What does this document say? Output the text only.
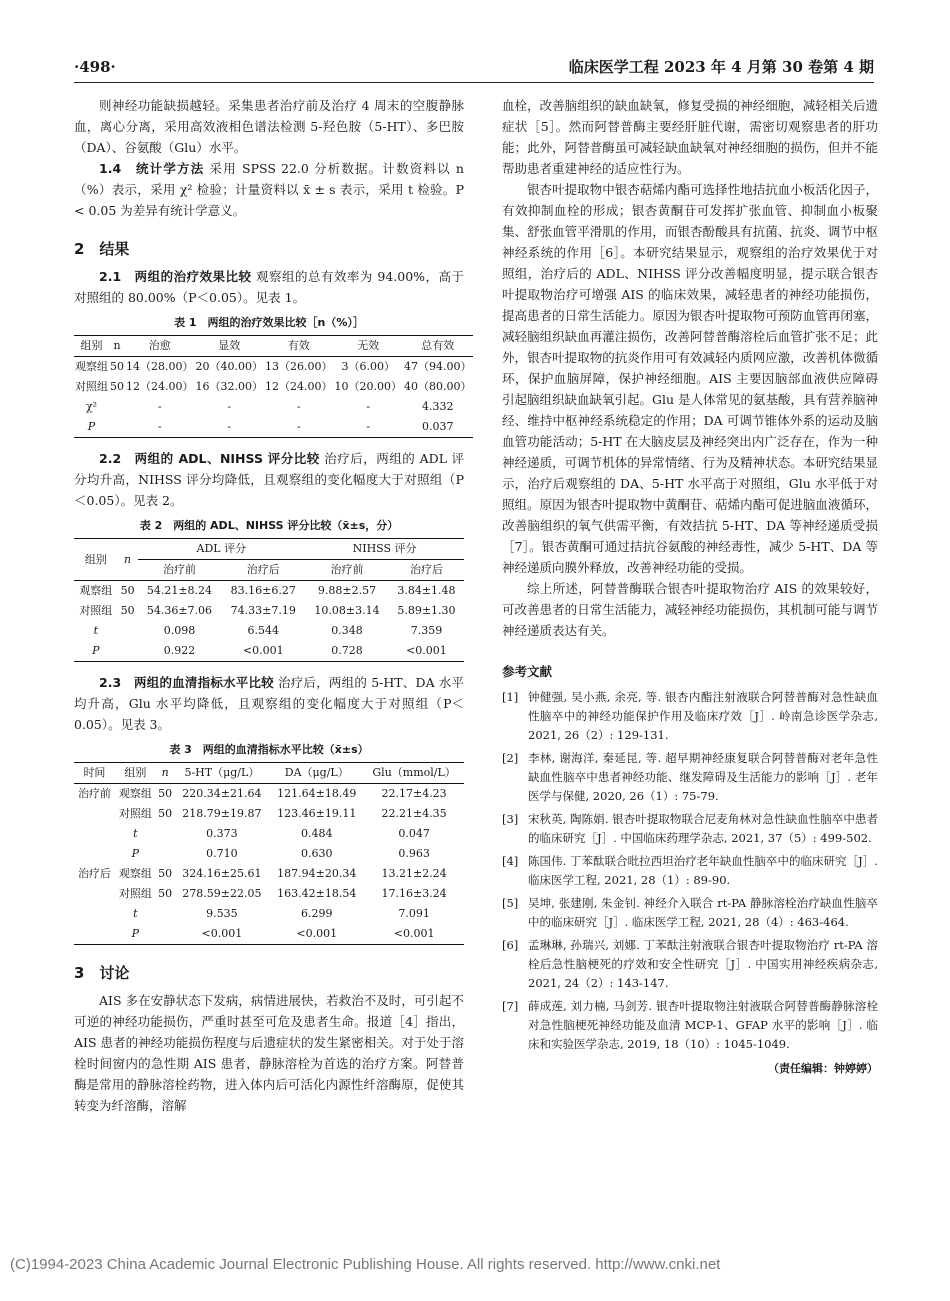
·498·	临床医学工程 2023 年 4 月第 30 卷第 4 期

则神经功能缺损越轻。采集患者治疗前及治疗 4 周末的空腹静脉血，离心分离，采用高效液相色谱法检测 5-羟色胺（5-HT）、多巴胺（DA）、谷氨酸（Glu）水平。

1.4　统计学方法 采用 SPSS 22.0 分析数据。计数资料以 n（%）表示，采用 χ² 检验；计量资料以 x̄ ± s 表示，采用 t 检验。P < 0.05 为差异有统计学意义。

2　结果

2.1　两组的治疗效果比较 观察组的总有效率为 94.00%，高于对照组的 80.00%（P＜0.05）。见表 1。

表 1　两组的治疗效果比较［n（%）］
组别	n	治愈	显效	有效	无效	总有效
观察组	50	14（28.00）	20（40.00）	13（26.00）	3（6.00）	47（94.00）
对照组	50	12（24.00）	16（32.00）	12（24.00）	10（20.00）	40（80.00）
χ²		-	-	-	-	4.332
P		-	-	-	-	0.037

2.2　两组的 ADL、NIHSS 评分比较 治疗后，两组的 ADL 评分均升高，NIHSS 评分均降低，且观察组的变化幅度大于对照组（P＜0.05）。见表 2。

表 2　两组的 ADL、NIHSS 评分比较（x̄±s，分）
组别	n	ADL 评分		NIHSS 评分	
		治疗前	治疗后	治疗前	治疗后
观察组	50	54.21±8.24	83.16±6.27	9.88±2.57	3.84±1.48
对照组	50	54.36±7.06	74.33±7.19	10.08±3.14	5.89±1.30
t		0.098	6.544	0.348	7.359
P		0.922	<0.001	0.728	<0.001

2.3　两组的血清指标水平比较 治疗后，两组的 5-HT、DA 水平均升高，Glu 水平均降低，且观察组的变化幅度大于对照组（P＜0.05）。见表 3。

表 3　两组的血清指标水平比较（x̄±s）
时间	组别	n	5-HT（μg/L）	DA（μg/L）	Glu（mmol/L）
治疗前	观察组	50	220.34±21.64	121.64±18.49	22.17±4.23
	对照组	50	218.79±19.87	123.46±19.11	22.21±4.35
	t		0.373	0.484	0.047
	P		0.710	0.630	0.963
治疗后	观察组	50	324.16±25.61	187.94±20.34	13.21±2.24
	对照组	50	278.59±22.05	163.42±18.54	17.16±3.24
	t		9.535	6.299	7.091
	P		<0.001	<0.001	<0.001
3　讨论

AIS 多在安静状态下发病，病情进展快，若救治不及时，可引起不可逆的神经功能损伤，严重时甚至可危及患者生命。报道［4］指出，AIS 患者的神经功能损伤程度与后遗症状的发生紧密相关。对于处于溶栓时间窗内的急性期 AIS 患者，静脉溶栓为首选的治疗方案。阿替普酶是常用的静脉溶栓药物，进入体内后可活化内源性纤溶酶原，促使其转变为纤溶酶，溶解

血栓，改善脑组织的缺血缺氧，修复受损的神经细胞，减轻相关后遗症状［5］。然而阿替普酶主要经肝脏代谢，需密切观察患者的肝功能；此外，阿替普酶虽可减轻缺血缺氧对神经细胞的损伤，但并不能帮助患者重建神经的适应性行为。

银杏叶提取物中银杏萜烯内酯可选择性地拮抗血小板活化因子，有效抑制血栓的形成；银杏黄酮苷可发挥扩张血管、抑制血小板聚集、舒张血管平滑肌的作用，而银杏酚酸具有抗菌、抗炎、调节中枢神经系统的作用［6］。本研究结果显示，观察组的治疗效果优于对照组，治疗后的 ADL、NIHSS 评分改善幅度明显，提示联合银杏叶提取物治疗可增强 AIS 的临床效果，减轻患者的神经功能损伤，提高患者的日常生活能力。原因为银杏叶提取物可预防血管再闭塞，减轻脑组织缺血再灌注损伤，改善阿替普酶溶栓后血管扩张不足；此外，银杏叶提取物的抗炎作用可有效减轻内质网应激，改善机体微循环，保护血脑屏障，保护神经细胞。AIS 主要因脑部血液供应障碍引起脑组织缺血缺氧引起。Glu 是人体常见的氨基酸，具有营养脑神经、维持中枢神经系统稳定的作用；DA 可调节锥体外系的运动及脑血管功能活动；5-HT 在大脑皮层及神经突出内广泛存在，作为一种神经递质，可调节机体的异常情绪、行为及精神状态。本研究结果显示，治疗后观察组的 DA、5-HT 水平高于对照组，Glu 水平低于对照组。原因为银杏叶提取物中黄酮苷、萜烯内酯可促进脑血液循环，改善脑组织的氧气供需平衡，有效拮抗 5-HT、DA 等神经递质受损［7］。银杏黄酮可通过拮抗谷氨酸的神经毒性，减少 5-HT、DA 等神经递质向膜外释放，改善神经功能的受损。

综上所述，阿替普酶联合银杏叶提取物治疗 AIS 的效果较好，可改善患者的日常生活能力，减轻神经功能损伤，其机制可能与调节神经递质表达有关。

参考文献
[1] 钟健强, 吴小燕, 余亮, 等. 银杏内酯注射液联合阿替普酶对急性缺血性脑卒中的神经功能保护作用及临床疗效［J］. 岭南急诊医学杂志, 2021, 26（2）: 129-131.
[2] 李林, 谢海洋, 秦延昆, 等. 超早期神经康复联合阿替普酶对老年急性缺血性脑卒中患者神经功能、继发障碍及生活能力的影响［J］. 老年医学与保健, 2020, 26（1）: 75-79.
[3] 宋秋英, 陶陈娟. 银杏叶提取物联合尼麦角林对急性缺血性脑卒中患者的临床研究［J］. 中国临床药理学杂志, 2021, 37（5）: 499-502.
[4] 陈国伟. 丁苯酞联合吡拉西坦治疗老年缺血性脑卒中的临床研究［J］. 临床医学工程, 2021, 28（1）: 89-90.
[5] 吴坤, 张建刚, 朱金钊. 神经介入联合 rt-PA 静脉溶栓治疗缺血性脑卒中的临床研究［J］. 临床医学工程, 2021, 28（4）: 463-464.
[6] 孟琳琳, 孙瑞兴, 刘娜. 丁苯酞注射液联合银杏叶提取物治疗 rt-PA 溶栓后急性脑梗死的疗效和安全性研究［J］. 中国实用神经疾病杂志, 2021, 24（2）: 143-147.
[7] 薛成莲, 刘力楠, 马剑芳. 银杏叶提取物注射液联合阿替普酶静脉溶栓对急性脑梗死神经功能及血清 MCP-1、GFAP 水平的影响［J］. 临床和实验医学杂志, 2019, 18（10）: 1045-1049.
（责任编辑：钟婷婷）
(C)1994-2023 China Academic Journal Electronic Publishing House. All rights reserved. http://www.cnki.net
